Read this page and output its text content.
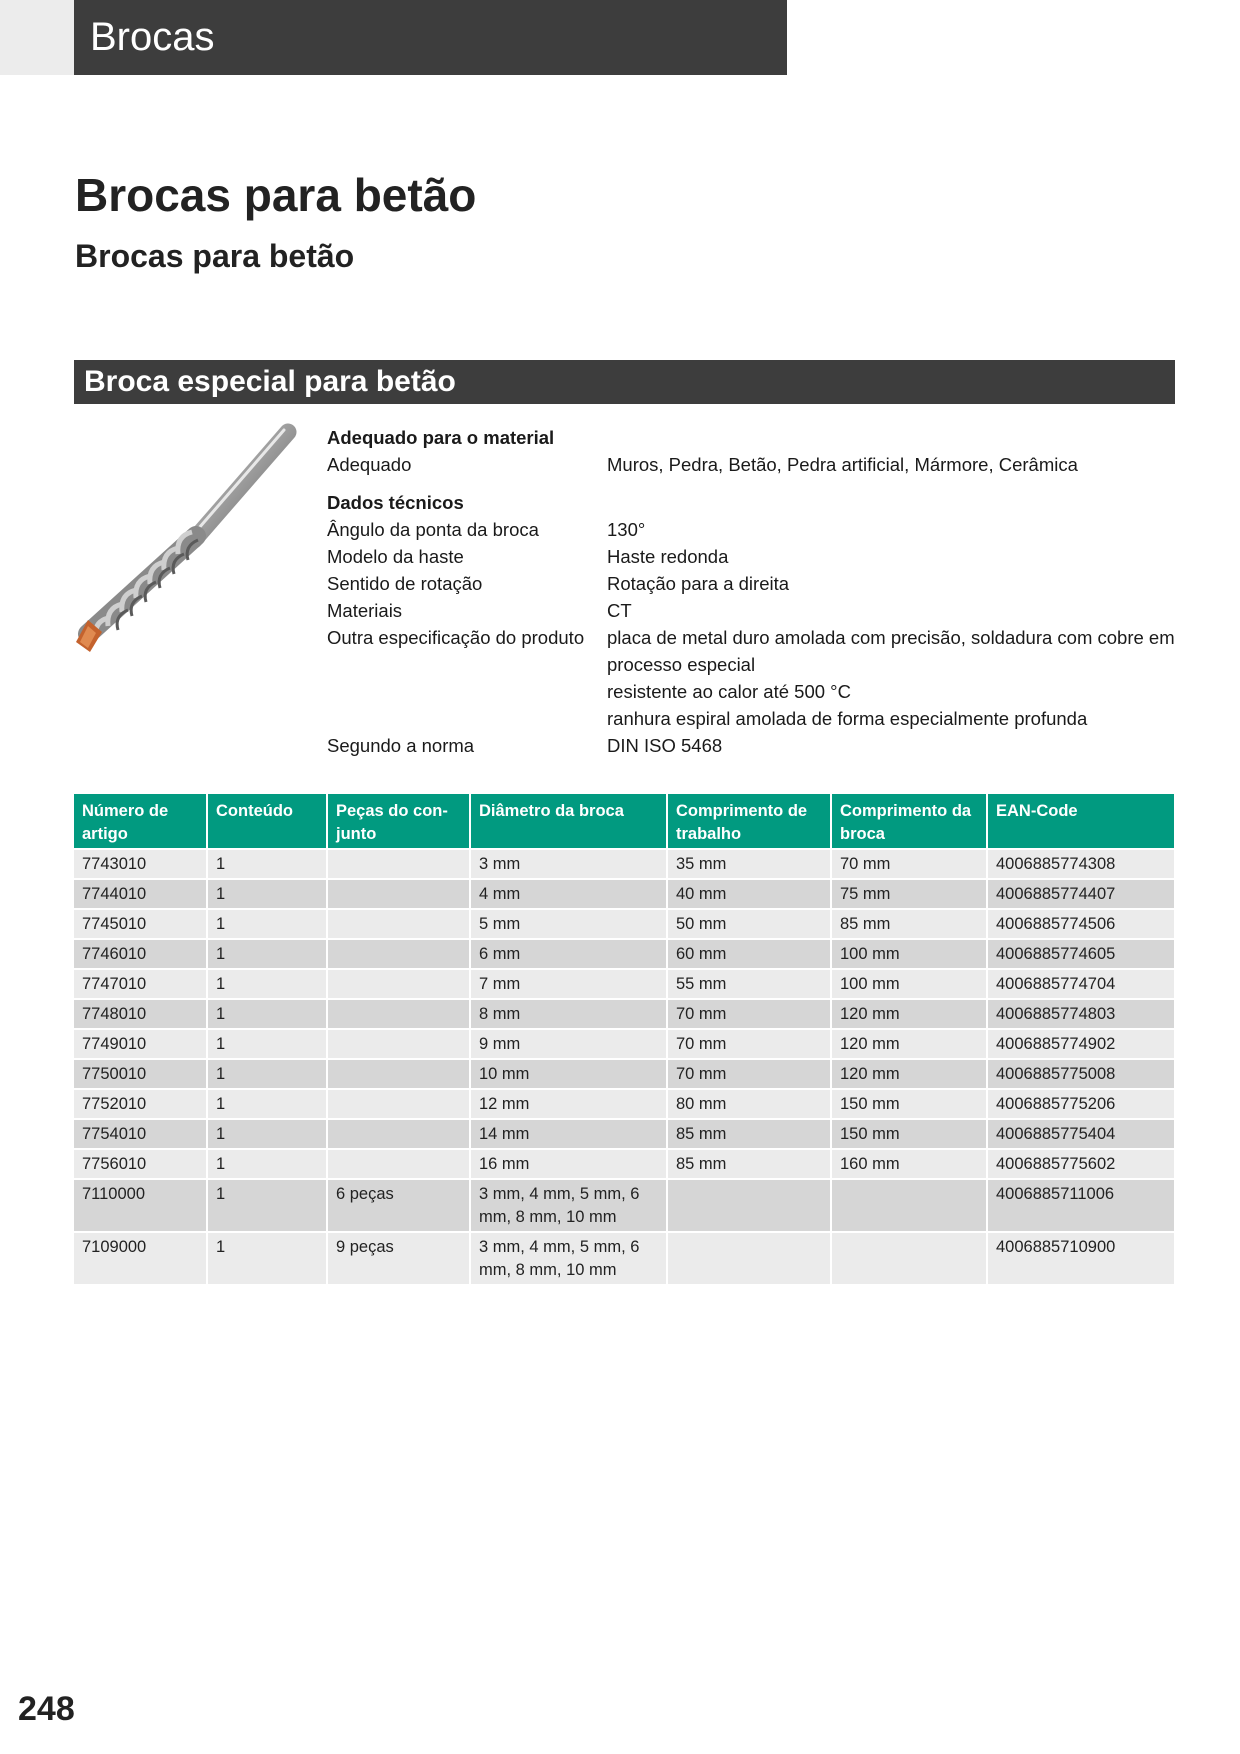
Brocas
Brocas para betão
Brocas para betão
Broca especial para betão
Adequado para o material
Adequado	Muros, Pedra, Betão, Pedra artificial, Mármore, Cerâmica
Dados técnicos
Ângulo da ponta da broca	130°
Modelo da haste	Haste redonda
Sentido de rotação	Rotação para a direita
Materiais	CT
Outra especificação do produto	placa de metal duro amolada com precisão, soldadura com cobre em processo especial
resistente ao calor até 500 °C
ranhura espiral amolada de forma especialmente profunda
Segundo a norma	DIN ISO 5468
Número de artigo	Conteúdo	Peças do con-junto	Diâmetro da broca	Comprimento de trabalho	Comprimento da broca	EAN-Code
7743010	1		3 mm	35 mm	70 mm	4006885774308
7744010	1		4 mm	40 mm	75 mm	4006885774407
7745010	1		5 mm	50 mm	85 mm	4006885774506
7746010	1		6 mm	60 mm	100 mm	4006885774605
7747010	1		7 mm	55 mm	100 mm	4006885774704
7748010	1		8 mm	70 mm	120 mm	4006885774803
7749010	1		9 mm	70 mm	120 mm	4006885774902
7750010	1		10 mm	70 mm	120 mm	4006885775008
7752010	1		12 mm	80 mm	150 mm	4006885775206
7754010	1		14 mm	85 mm	150 mm	4006885775404
7756010	1		16 mm	85 mm	160 mm	4006885775602
7110000	1	6 peças	3 mm, 4 mm, 5 mm, 6 mm, 8 mm, 10 mm			4006885711006
7109000	1	9 peças	3 mm, 4 mm, 5 mm, 6 mm, 8 mm, 10 mm			4006885710900
248
